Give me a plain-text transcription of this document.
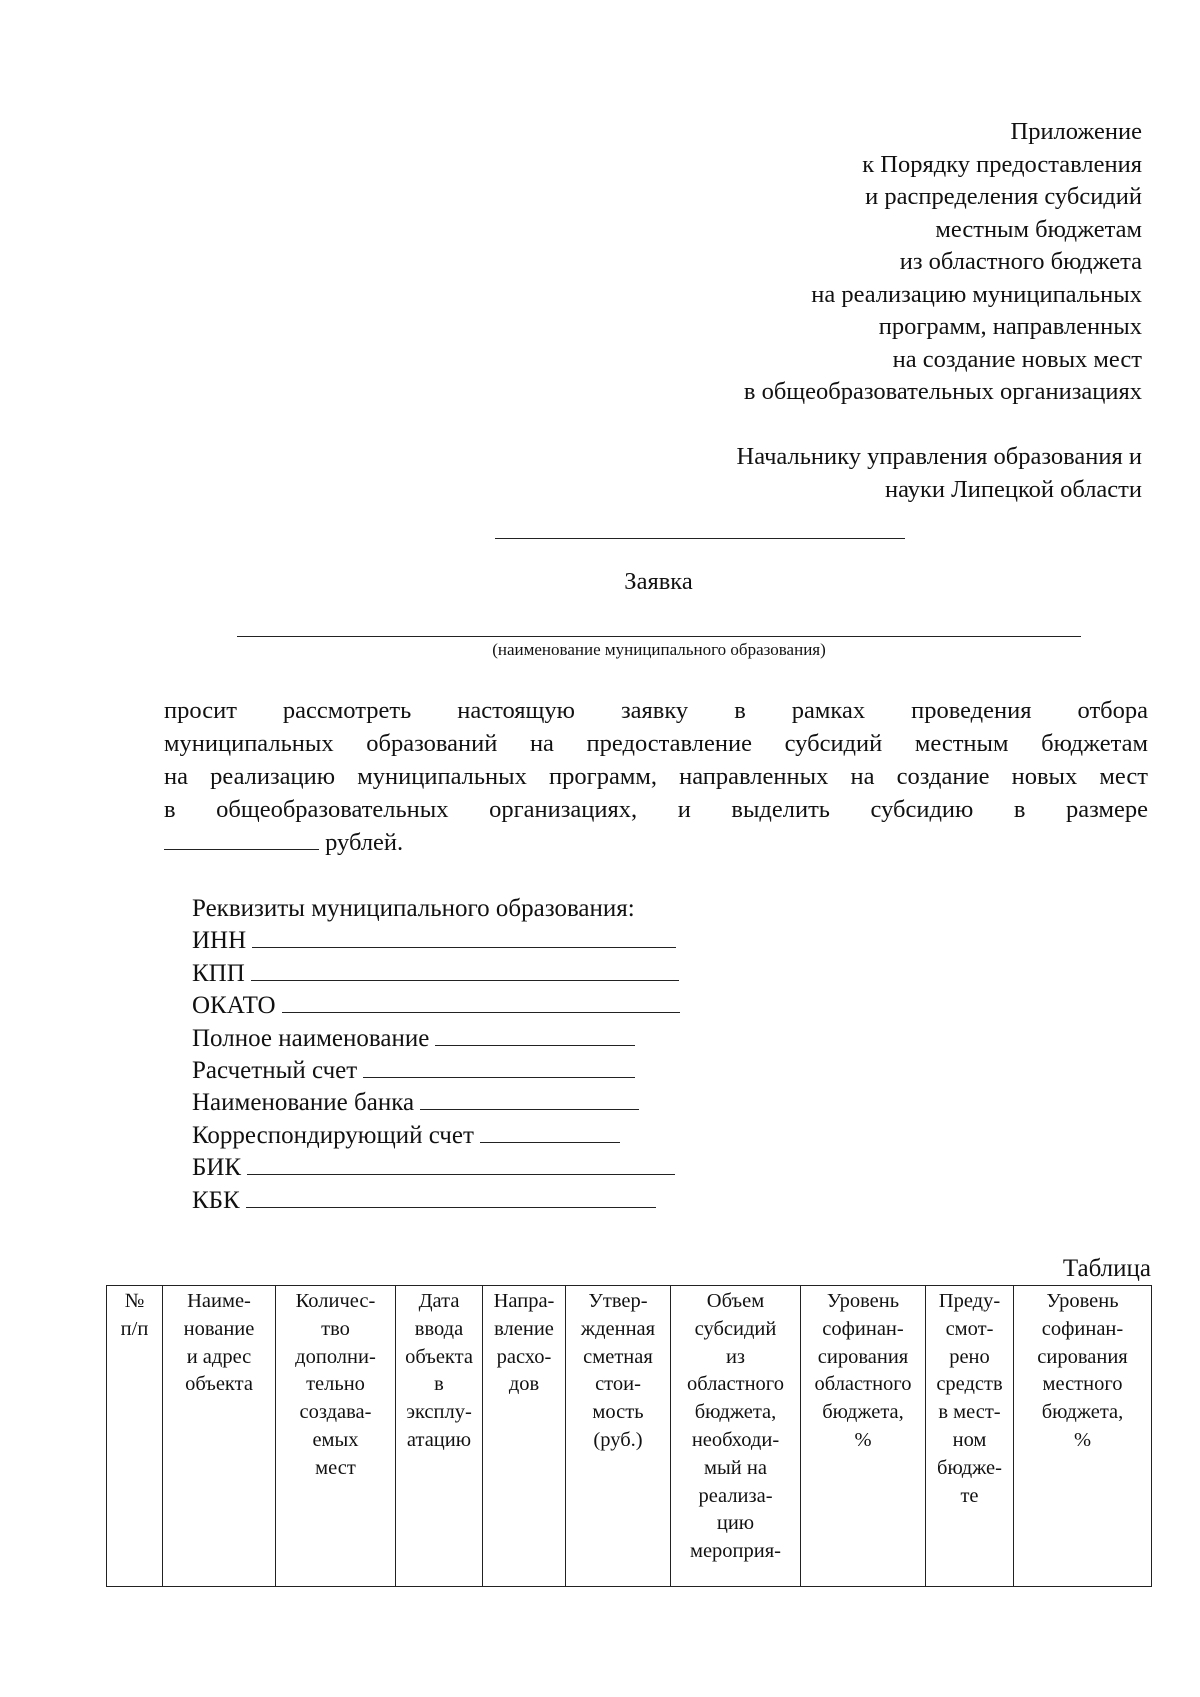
Приложение
к Порядку предоставления
и распределения субсидий
местным бюджетам
из областного бюджета
на реализацию муниципальных
программ, направленных
на создание новых мест
в общеобразовательных организациях
Начальнику управления образования и
науки Липецкой области
Заявка
(наименование муниципального образования)
просит рассмотреть настоящую заявку в рамках проведения отбора
муниципальных образований на предоставление субсидий местным бюджетам
на реализацию муниципальных программ, направленных на создание новых мест
в общеобразовательных организациях, и выделить субсидию в размере
рублей.
Реквизиты муниципального образования:
ИНН
КПП
ОКАТО
Полное наименование
Расчетный счет
Наименование банка
Корреспондирующий счет
БИК
КБК
Таблица
№
п/п

Наиме-
нование
и адрес
объекта

Количес-
тво
дополни-
тельно
создава-
емых
мест

Дата
ввода
объекта
в
эксплу-
атацию

Напра-
вление
расхо-
дов

Утвер-
жденная
сметная
стои-
мость
(руб.)

Объем
субсидий
из
областного
бюджета,
необходи-
мый на
реализа-
цию
мероприя-

Уровень
софинан-
сирования
областного
бюджета,
%

Преду-
смот-
рено
средств
в мест-
ном
бюдже-
те

Уровень
софинан-
сирования
местного
бюджета,
%
